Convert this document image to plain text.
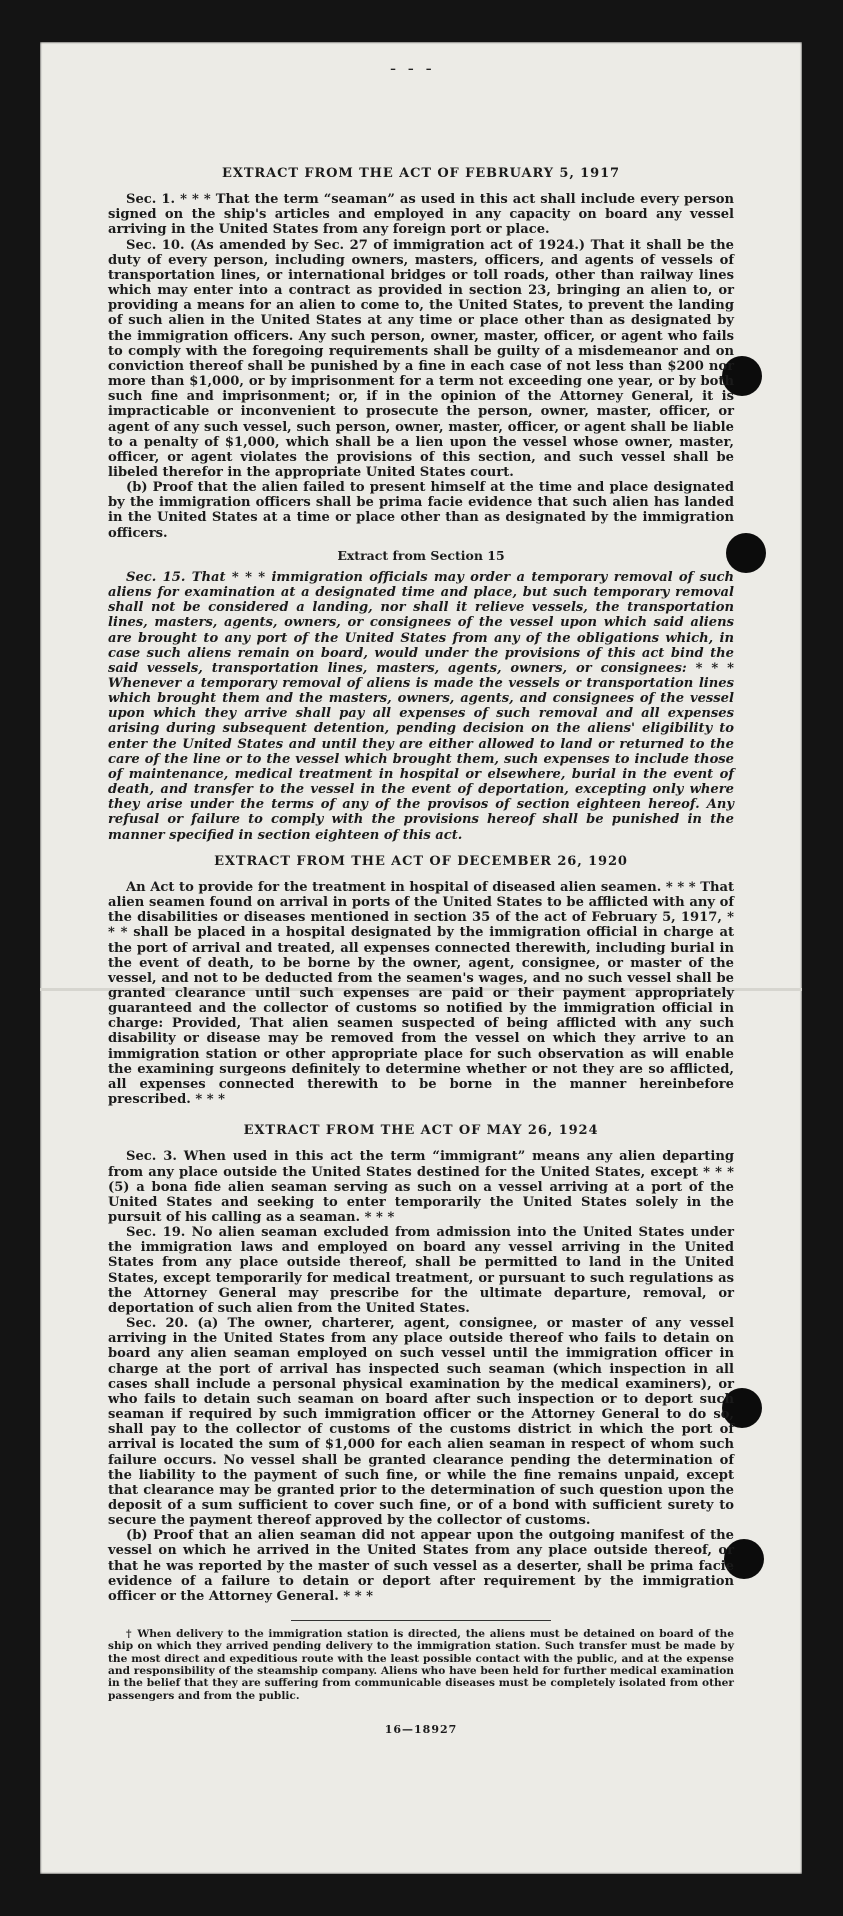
- - -
EXTRACT FROM THE ACT OF FEBRUARY 5, 1917

Sec. 1. * * * That the term “seaman” as used in this act shall include every person signed on the ship's articles and employed in any capacity on board any vessel arriving in the United States from any foreign port or place.

Sec. 10. (As amended by Sec. 27 of immigration act of 1924.) That it shall be the duty of every person, including owners, masters, officers, and agents of vessels of transportation lines, or international bridges or toll roads, other than railway lines which may enter into a contract as provided in section 23, bringing an alien to, or providing a means for an alien to come to, the United States, to prevent the landing of such alien in the United States at any time or place other than as designated by the immigration officers. Any such person, owner, master, officer, or agent who fails to comply with the foregoing requirements shall be guilty of a misdemeanor and on conviction thereof shall be punished by a fine in each case of not less than $200 nor more than $1,000, or by imprisonment for a term not exceeding one year, or by both such fine and imprisonment; or, if in the opinion of the Attorney General, it is impracticable or inconvenient to prosecute the person, owner, master, officer, or agent of any such vessel, such person, owner, master, officer, or agent shall be liable to a penalty of $1,000, which shall be a lien upon the vessel whose owner, master, officer, or agent violates the provisions of this section, and such vessel shall be libeled therefor in the appropriate United States court.

(b) Proof that the alien failed to present himself at the time and place designated by the immigration officers shall be prima facie evidence that such alien has landed in the United States at a time or place other than as designated by the immigration officers.

Extract from Section 15

Sec. 15. That * * * immigration officials may order a temporary removal of such aliens for examination at a designated time and place, but such temporary removal shall not be considered a landing, nor shall it relieve vessels, the transportation lines, masters, agents, owners, or consignees of the vessel upon which said aliens are brought to any port of the United States from any of the obligations which, in case such aliens remain on board, would under the provisions of this act bind the said vessels, transportation lines, masters, agents, owners, or consignees: * * * Whenever a temporary removal of aliens is made the vessels or transportation lines which brought them and the masters, owners, agents, and consignees of the vessel upon which they arrive shall pay all expenses of such removal and all expenses arising during subsequent detention, pending decision on the aliens' eligibility to enter the United States and until they are either allowed to land or returned to the care of the line or to the vessel which brought them, such expenses to include those of maintenance, medical treatment in hospital or elsewhere, burial in the event of death, and transfer to the vessel in the event of deportation, excepting only where they arise under the terms of any of the provisos of section eighteen hereof. Any refusal or failure to comply with the provisions hereof shall be punished in the manner specified in section eighteen of this act.

EXTRACT FROM THE ACT OF DECEMBER 26, 1920

An Act to provide for the treatment in hospital of diseased alien seamen. * * * That alien seamen found on arrival in ports of the United States to be afflicted with any of the disabilities or diseases mentioned in section 35 of the act of February 5, 1917, * * * shall be placed in a hospital designated by the immigration official in charge at the port of arrival and treated, all expenses connected therewith, including burial in the event of death, to be borne by the owner, agent, consignee, or master of the vessel, and not to be deducted from the seamen's wages, and no such vessel shall be granted clearance until such expenses are paid or their payment appropriately guaranteed and the collector of customs so notified by the immigration official in charge: Provided, That alien seamen suspected of being afflicted with any such disability or disease may be removed from the vessel on which they arrive to an immigration station or other appropriate place for such observation as will enable the examining surgeons definitely to determine whether or not they are so afflicted, all expenses connected therewith to be borne in the manner hereinbefore prescribed. * * *

EXTRACT FROM THE ACT OF MAY 26, 1924

Sec. 3. When used in this act the term “immigrant” means any alien departing from any place outside the United States destined for the United States, except * * * (5) a bona fide alien seaman serving as such on a vessel arriving at a port of the United States and seeking to enter temporarily the United States solely in the pursuit of his calling as a seaman. * * *

Sec. 19. No alien seaman excluded from admission into the United States under the immigration laws and employed on board any vessel arriving in the United States from any place outside thereof, shall be permitted to land in the United States, except temporarily for medical treatment, or pursuant to such regulations as the Attorney General may prescribe for the ultimate departure, removal, or deportation of such alien from the United States.

Sec. 20. (a) The owner, charterer, agent, consignee, or master of any vessel arriving in the United States from any place outside thereof who fails to detain on board any alien seaman employed on such vessel until the immigration officer in charge at the port of arrival has inspected such seaman (which inspection in all cases shall include a personal physical examination by the medical examiners), or who fails to detain such seaman on board after such inspection or to deport such seaman if required by such immigration officer or the Attorney General to do so, shall pay to the collector of customs of the customs district in which the port of arrival is located the sum of $1,000 for each alien seaman in respect of whom such failure occurs. No vessel shall be granted clearance pending the determination of the liability to the payment of such fine, or while the fine remains unpaid, except that clearance may be granted prior to the determination of such question upon the deposit of a sum sufficient to cover such fine, or of a bond with sufficient surety to secure the payment thereof approved by the collector of customs.

(b) Proof that an alien seaman did not appear upon the outgoing manifest of the vessel on which he arrived in the United States from any place outside thereof, or that he was reported by the master of such vessel as a deserter, shall be prima facie evidence of a failure to detain or deport after requirement by the immigration officer or the Attorney General. * * *

† When delivery to the immigration station is directed, the aliens must be detained on board of the ship on which they arrived pending delivery to the immigration station. Such transfer must be made by the most direct and expeditious route with the least possible contact with the public, and at the expense and responsibility of the steamship company. Aliens who have been held for further medical examination in the belief that they are suffering from communicable diseases must be completely isolated from other passengers and from the public.

16—18927
